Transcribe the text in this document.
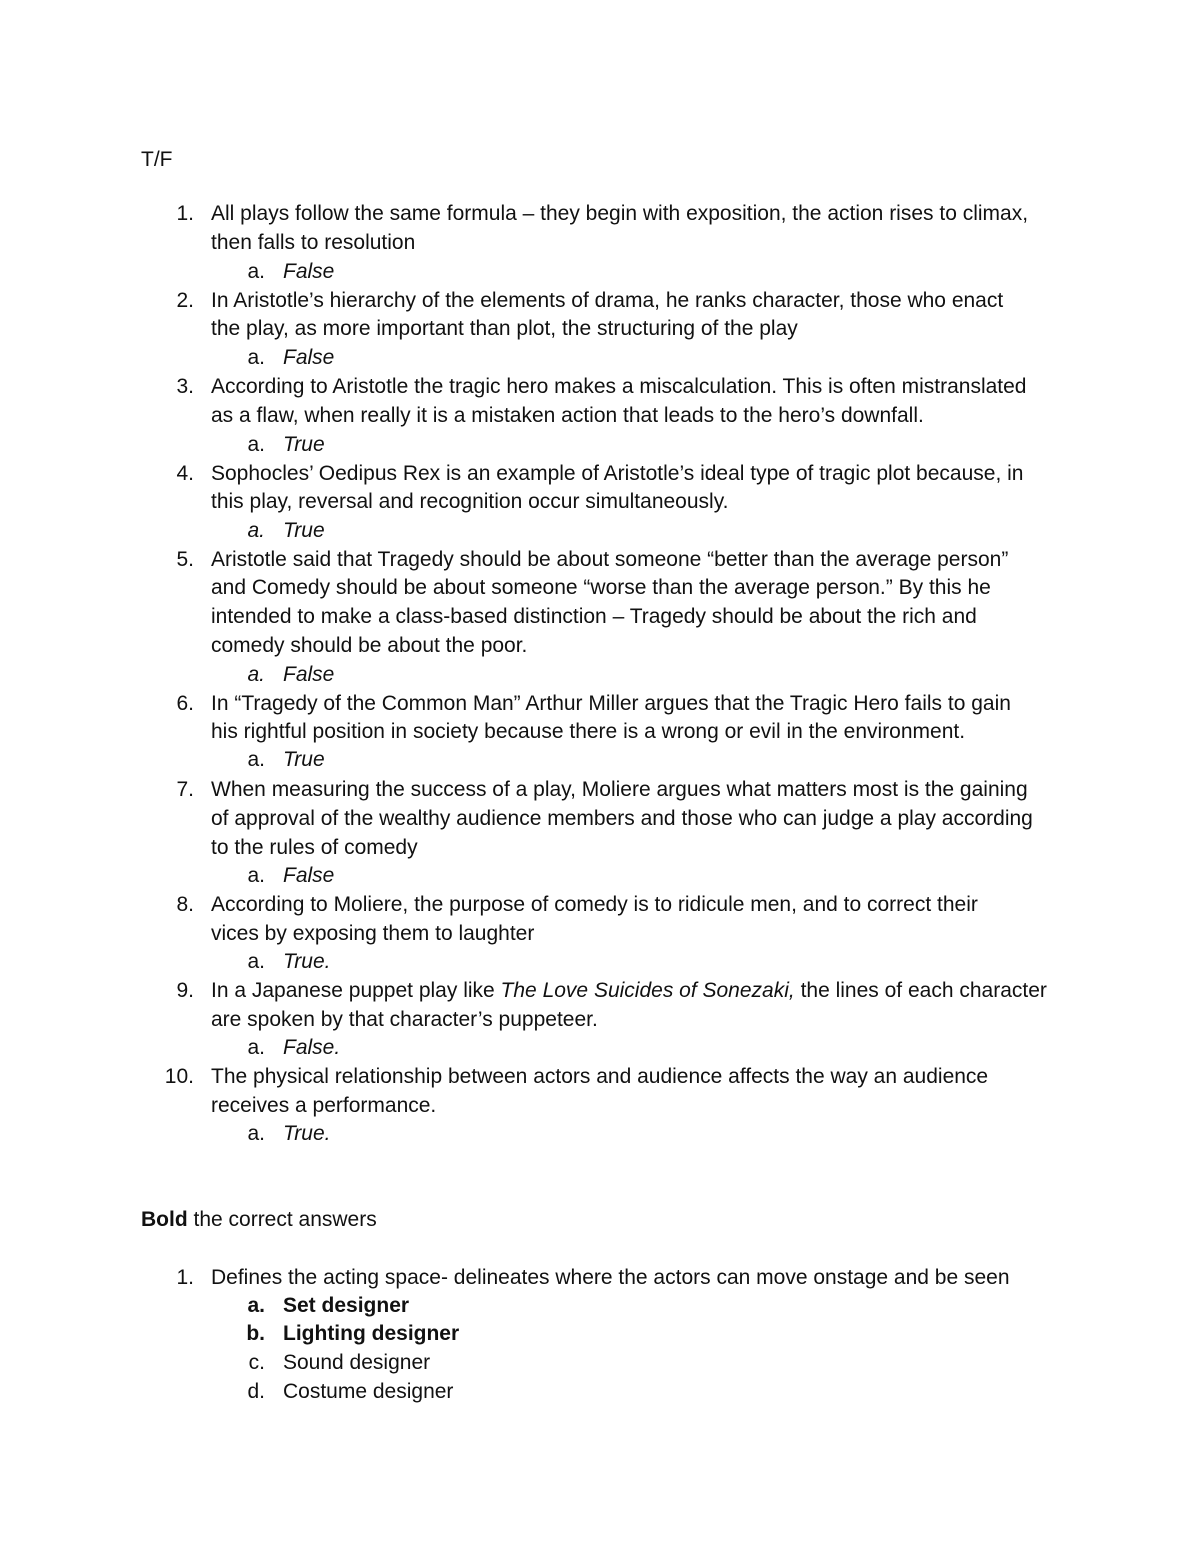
T/F
1. All plays follow the same formula – they begin with exposition, the action rises to climax,
then falls to resolution
a. False
2. In Aristotle’s hierarchy of the elements of drama, he ranks character, those who enact
the play, as more important than plot, the structuring of the play
a. False
3. According to Aristotle the tragic hero makes a miscalculation. This is often mistranslated
as a flaw, when really it is a mistaken action that leads to the hero’s downfall.
a. True
4. Sophocles’ Oedipus Rex is an example of Aristotle’s ideal type of tragic plot because, in
this play, reversal and recognition occur simultaneously.
a. True
5. Aristotle said that Tragedy should be about someone “better than the average person”
and Comedy should be about someone “worse than the average person.” By this he
intended to make a class-based distinction – Tragedy should be about the rich and
comedy should be about the poor.
a. False
6. In “Tragedy of the Common Man” Arthur Miller argues that the Tragic Hero fails to gain
his rightful position in society because there is a wrong or evil in the environment.
a. True
7. When measuring the success of a play, Moliere argues what matters most is the gaining
of approval of the wealthy audience members and those who can judge a play according
to the rules of comedy
a. False
8. According to Moliere, the purpose of comedy is to ridicule men, and to correct their
vices by exposing them to laughter
a. True.
9. In a Japanese puppet play like The Love Suicides of Sonezaki, the lines of each character
are spoken by that character’s puppeteer.
a. False.
10. The physical relationship between actors and audience affects the way an audience
receives a performance.
a. True.
Bold the correct answers
1. Defines the acting space- delineates where the actors can move onstage and be seen
a. Set designer
b. Lighting designer
c. Sound designer
d. Costume designer
